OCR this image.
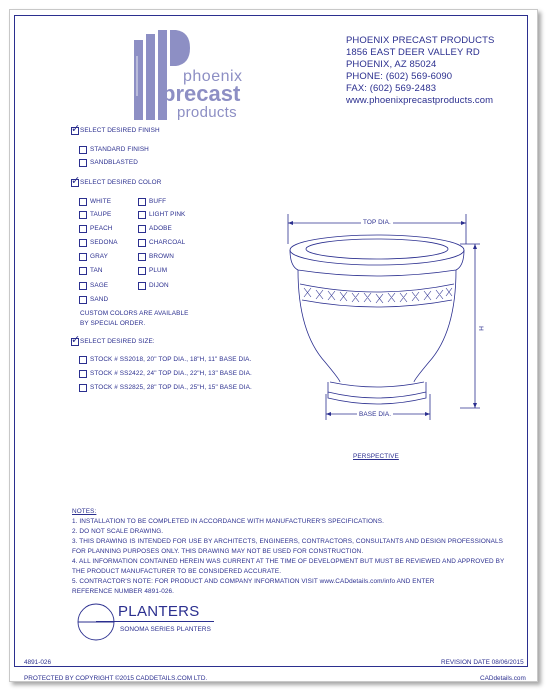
phoenix
precast
products
PHOENIX PRECAST PRODUCTS
1856 EAST DEER VALLEY RD
PHOENIX, AZ 85024
PHONE: (602) 569-6090
FAX: (602) 569-2483
www.phoenixprecastproducts.com
✓
SELECT DESIRED FINISH
STANDARD FINISH
SANDBLASTED
✓
SELECT DESIRED COLOR
WHITE
TAUPE
PEACH
SEDONA
GRAY
TAN
SAGE
SAND
BUFF
LIGHT PINK
ADOBE
CHARCOAL
BROWN
PLUM
DIJON
CUSTOM COLORS ARE AVAILABLE
BY SPECIAL ORDER.
✓
SELECT DESIRED SIZE:
STOCK # SS2018, 20" TOP DIA., 18"H, 11" BASE DIA.
STOCK # SS2422, 24" TOP DIA., 22"H, 13" BASE DIA.
STOCK # SS2825, 28" TOP DIA., 25"H, 15" BASE DIA.
TOP DIA.
H
BASE DIA.
PERSPECTIVE
NOTES:
1. INSTALLATION TO BE COMPLETED IN ACCORDANCE WITH MANUFACTURER'S SPECIFICATIONS.
2. DO NOT SCALE DRAWING.
3. THIS DRAWING IS INTENDED FOR USE BY ARCHITECTS, ENGINEERS, CONTRACTORS, CONSULTANTS AND DESIGN PROFESSIONALS
FOR PLANNING PURPOSES ONLY. THIS DRAWING MAY NOT BE USED FOR CONSTRUCTION.
4. ALL INFORMATION CONTAINED HEREIN WAS CURRENT AT THE TIME OF DEVELOPMENT BUT MUST BE REVIEWED AND APPROVED BY
THE PRODUCT MANUFACTURER TO BE CONSIDERED ACCURATE.
5. CONTRACTOR'S NOTE: FOR PRODUCT AND COMPANY INFORMATION VISIT www.CADdetails.com/info AND ENTER
REFERENCE NUMBER 4891-026.
PLANTERS
SONOMA SERIES PLANTERS
4891-026	REVISION DATE 08/06/2015
PROTECTED BY COPYRIGHT ©2015 CADDETAILS.COM LTD.	CADdetails.com
